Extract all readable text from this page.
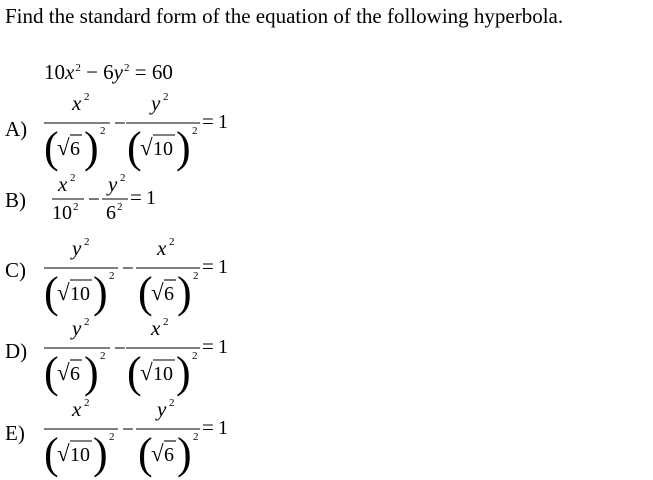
Find the standard form of the equation of the following hyperbola.
$10x^2 - 6y^2 = 60$
A)
B)
C)
D)
E)
x 2
(
√ 6 ) 2 −
y 2
(
√ 10 ) 2 = 1
x 2
10 2 −
y 2
6 2 = 1
y 2
(
√ 10 ) 2 −
x 2
(
√ 6 ) 2 = 1
y 2
(
√ 6 ) 2 −
x 2
(
√ 10 ) 2 = 1
x 2
(
√ 10 ) 2 −
y 2
(
√ 6 ) 2 = 1
